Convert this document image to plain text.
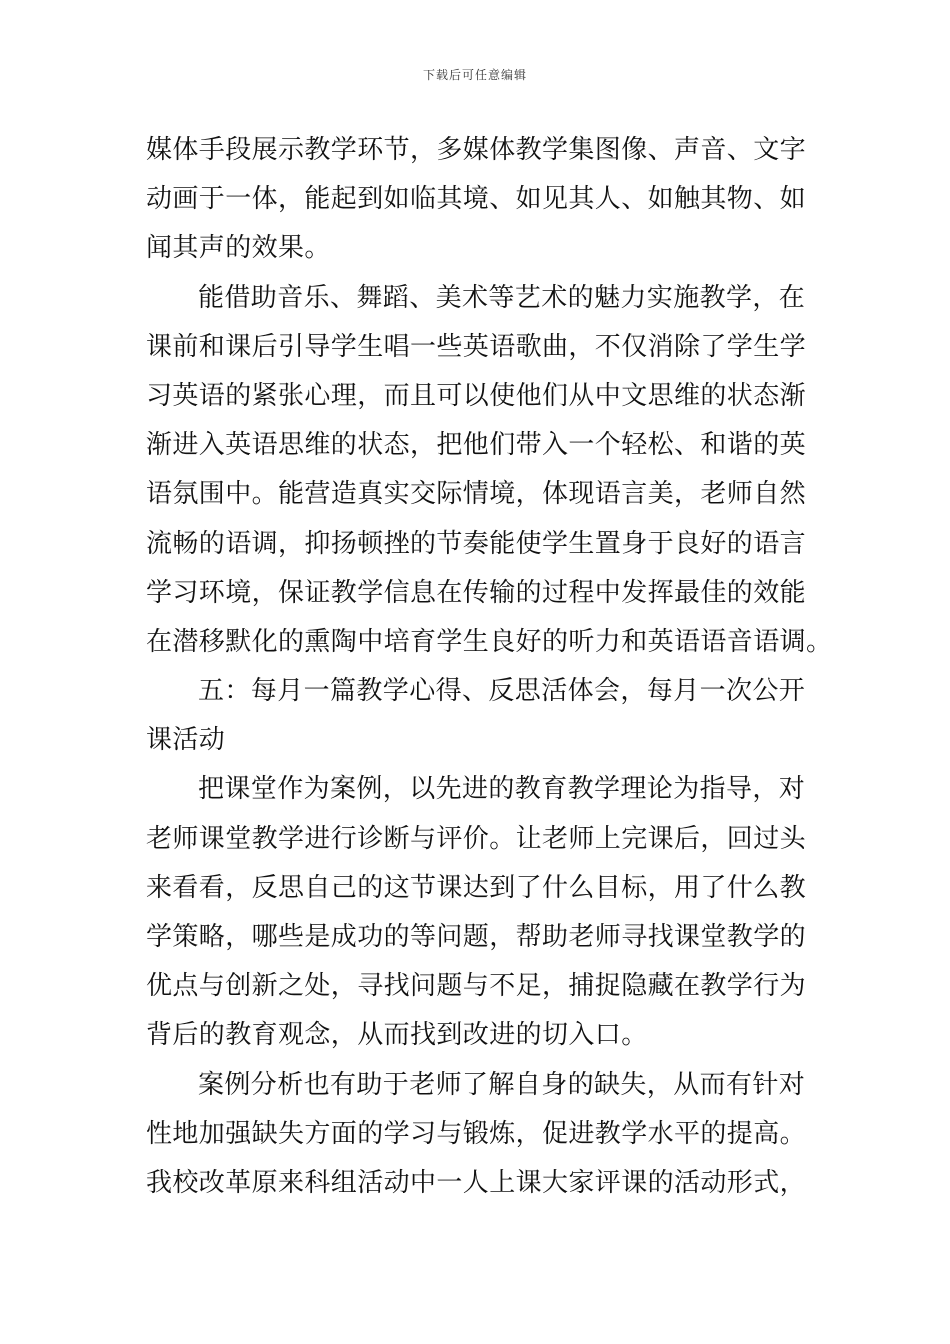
下载后可任意编辑
媒体手段展示教学环节，多媒体教学集图像、声音、文字
动画于一体，能起到如临其境、如见其人、如触其物、如
闻其声的效果。
能借助音乐、舞蹈、美术等艺术的魅力实施教学，在
课前和课后引导学生唱一些英语歌曲，不仅消除了学生学
习英语的紧张心理，而且可以使他们从中文思维的状态渐
渐进入英语思维的状态，把他们带入一个轻松、和谐的英
语氛围中。能营造真实交际情境，体现语言美，老师自然
流畅的语调，抑扬顿挫的节奏能使学生置身于良好的语言
学习环境，保证教学信息在传输的过程中发挥最佳的效能
在潜移默化的熏陶中培育学生良好的听力和英语语音语调。
五：每月一篇教学心得、反思活体会，每月一次公开
课活动
把课堂作为案例，以先进的教育教学理论为指导，对
老师课堂教学进行诊断与评价。让老师上完课后，回过头
来看看，反思自己的这节课达到了什么目标，用了什么教
学策略，哪些是成功的等问题，帮助老师寻找课堂教学的
优点与创新之处，寻找问题与不足，捕捉隐藏在教学行为
背后的教育观念，从而找到改进的切入口。
案例分析也有助于老师了解自身的缺失，从而有针对
性地加强缺失方面的学习与锻炼，促进教学水平的提高。
我校改革原来科组活动中一人上课大家评课的活动形式，
